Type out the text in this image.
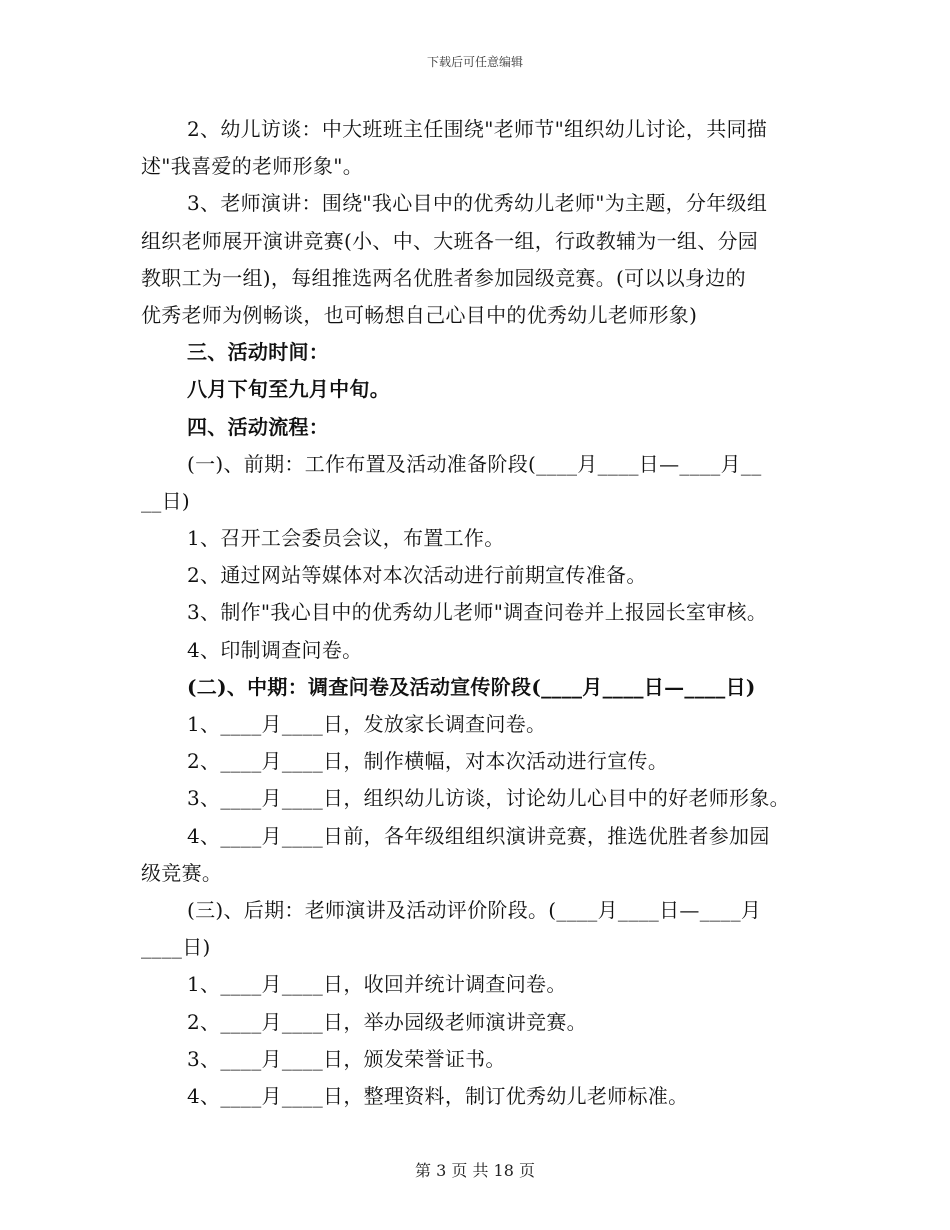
下载后可任意编辑
2、幼儿访谈：中大班班主任围绕"老师节"组织幼儿讨论，共同描
述"我喜爱的老师形象"。
3、老师演讲：围绕"我心目中的优秀幼儿老师"为主题，分年级组
组织老师展开演讲竞赛(小、中、大班各一组，行政教辅为一组、分园
教职工为一组)，每组推选两名优胜者参加园级竞赛。(可以以身边的
优秀老师为例畅谈，也可畅想自己心目中的优秀幼儿老师形象)
三、活动时间：
八月下旬至九月中旬。
四、活动流程：
(一)、前期：工作布置及活动准备阶段(____月____日—____月__
__日)
1、召开工会委员会议，布置工作。
2、通过网站等媒体对本次活动进行前期宣传准备。
3、制作"我心目中的优秀幼儿老师"调查问卷并上报园长室审核。
4、印制调查问卷。
(二)、中期：调查问卷及活动宣传阶段(____月____日—____日)
1、____月____日，发放家长调查问卷。
2、____月____日，制作横幅，对本次活动进行宣传。
3、____月____日，组织幼儿访谈，讨论幼儿心目中的好老师形象。
4、____月____日前，各年级组组织演讲竞赛，推选优胜者参加园
级竞赛。
(三)、后期：老师演讲及活动评价阶段。(____月____日—____月
____日)
1、____月____日，收回并统计调查问卷。
2、____月____日，举办园级老师演讲竞赛。
3、____月____日，颁发荣誉证书。
4、____月____日，整理资料，制订优秀幼儿老师标准。
第 3 页 共 18 页
